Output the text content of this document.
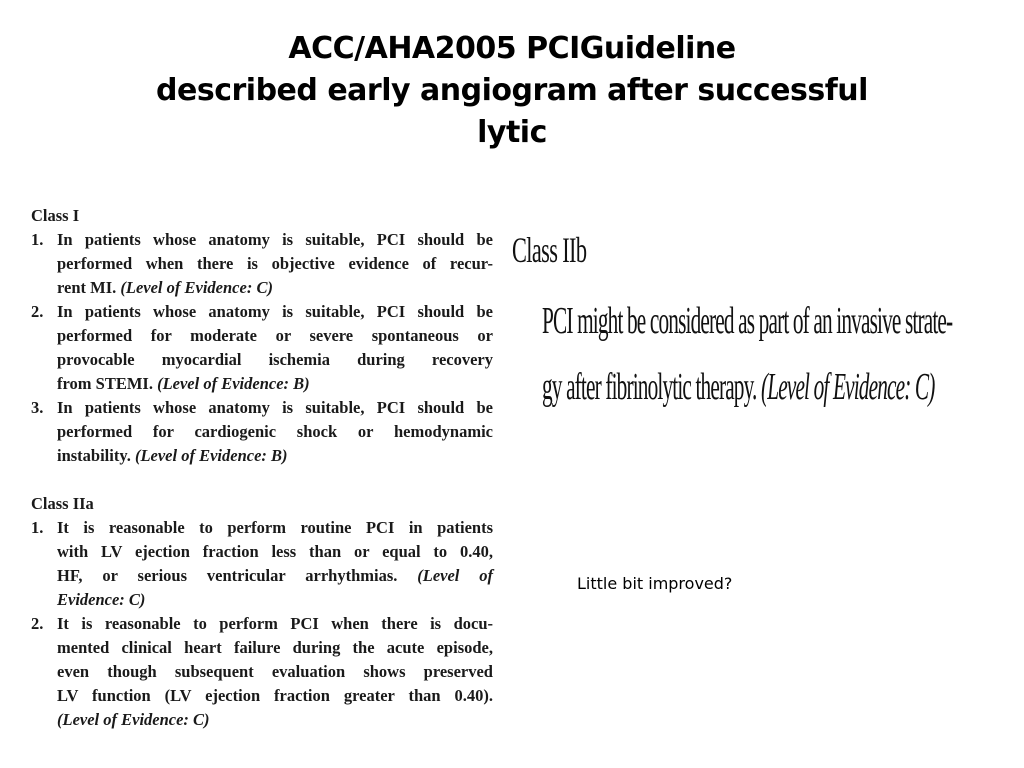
ACC/AHA2005 PCIGuideline
described early angiogram after successful
lytic
Class I
1. In patients whose anatomy is suitable, PCI should be
performed when there is objective evidence of recur-
rent MI. (Level of Evidence: C)
2. In patients whose anatomy is suitable, PCI should be
performed for moderate or severe spontaneous or
provocable myocardial ischemia during recovery
from STEMI. (Level of Evidence: B)
3. In patients whose anatomy is suitable, PCI should be
performed for cardiogenic shock or hemodynamic
instability. (Level of Evidence: B)
Class IIa
1. It is reasonable to perform routine PCI in patients
with LV ejection fraction less than or equal to 0.40,
HF, or serious ventricular arrhythmias. (Level of
Evidence: C)
2. It is reasonable to perform PCI when there is docu-
mented clinical heart failure during the acute episode,
even though subsequent evaluation shows preserved
LV function (LV ejection fraction greater than 0.40).
(Level of Evidence: C)
Class IIb
PCI might be considered as part of an invasive strate-
gy after fibrinolytic therapy. (Level of Evidence: C)
Little bit improved?
